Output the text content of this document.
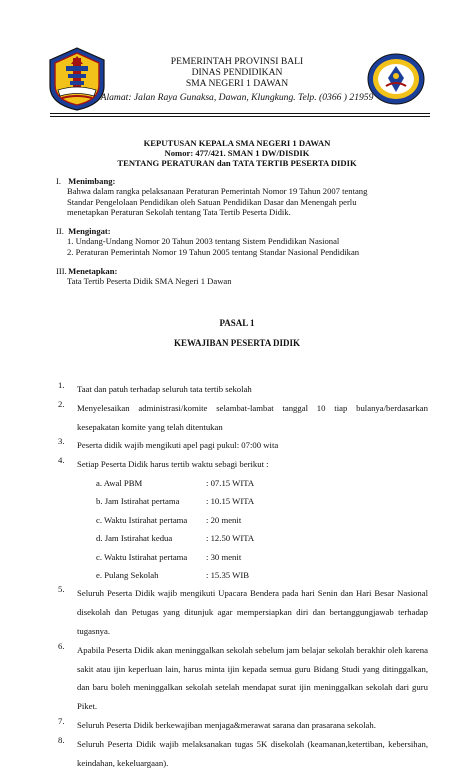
PEMERINTAH PROVINSI BALI
DINAS PENDIDIKAN
SMA NEGERI 1 DAWAN
Alamat: Jalan Raya Gunaksa, Dawan, Klungkung. Telp. (0366 ) 21959
KEPUTUSAN KEPALA SMA NEGERI 1 DAWAN
Nomor: 477/421. SMAN 1 DW/DISDIK
TENTANG PERATURAN dan TATA TERTIB PESERTA DIDIK
I. Menimbang:
Bahwa dalam rangka pelaksanaan Peraturan Pemerintah Nomor 19 Tahun 2007 tentang
Standar Pengelolaan Pendidikan oleh Satuan Pendidikan Dasar dan Menengah perlu
menetapkan Peraturan Sekolah tentang Tata Tertib Peserta Didik.
II. Mengingat:
1. Undang-Undang Nomor 20 Tahun 2003 tentang Sistem Pendidikan Nasional
2. Peraturan Pemerintah Nomor 19 Tahun 2005 tentang Standar Nasional Pendidikan
III. Menetapkan:
Tata Tertib Peserta Didik SMA Negeri 1 Dawan
PASAL 1
KEWAJIBAN PESERTA DIDIK
1. Taat dan patuh terhadap seluruh tata tertib sekolah
2. Menyelesaikan administrasi/komite selambat-lambat tanggal 10 tiap bulanya/berdasarkan kesepakatan komite yang telah ditentukan
3. Peserta didik wajib mengikuti apel pagi pukul: 07:00 wita
4. Setiap Peserta Didik harus tertib waktu sebagi berikut :
a. Awal PBM	: 07.15 WITA
b. Jam Istirahat pertama	: 10.15 WITA
c. Waktu Istirahat pertama : 20 menit
d. Jam Istirahat kedua	: 12.50 WITA
c. Waktu Istirahat pertama : 30 menit
e. Pulang Sekolah	: 15.35 WIB
5. Seluruh Peserta Didik wajib mengikuti Upacara Bendera pada hari Senin dan Hari Besar Nasional disekolah dan Petugas yang ditunjuk agar mempersiapkan diri dan bertanggungjawab terhadap tugasnya.
6. Apabila Peserta Didik akan meninggalkan sekolah sebelum jam belajar sekolah berakhir oleh karena sakit atau ijin keperluan lain, harus minta ijin kepada semua guru Bidang Studi yang ditinggalkan, dan baru boleh meninggalkan sekolah setelah mendapat surat ijin meninggalkan sekolah dari guru Piket.
7. Seluruh Peserta Didik berkewajiban menjaga&merawat sarana dan prasarana sekolah.
8. Seluruh Peserta Didik wajib melaksanakan tugas 5K disekolah (keamanan,ketertiban, kebersihan, keindahan, kekeluargaan).
